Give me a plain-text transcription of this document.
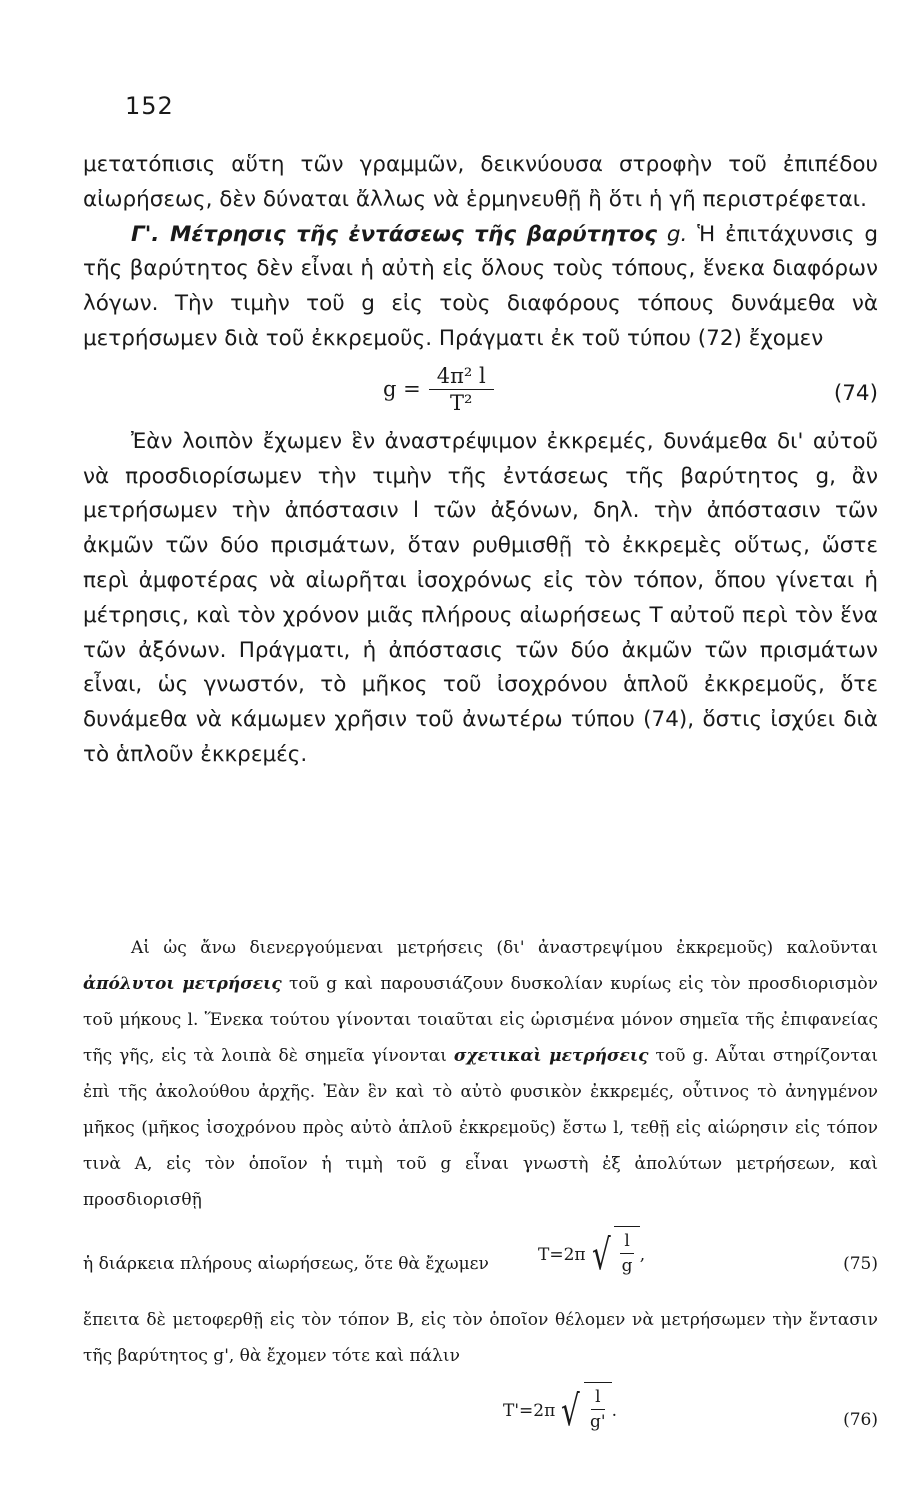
152

μετατόπισις αὕτη τῶν γραμμῶν, δεικνύουσα στροφὴν τοῦ ἐπιπέδου αἰωρήσεως, δὲν δύναται ἄλλως νὰ ἑρμηνευθῇ ἢ ὅτι ἡ γῆ περιστρέφεται.

Γ'. Μέτρησις τῆς ἐντάσεως τῆς βαρύτητος g. Ἡ ἐπιτάχυνσις g τῆς βαρύτητος δὲν εἶναι ἡ αὐτὴ εἰς ὅλους τοὺς τόπους, ἕνεκα διαφόρων λόγων. Τὴν τιμὴν τοῦ g εἰς τοὺς διαφόρους τόπους δυνάμεθα νὰ μετρήσωμεν διὰ τοῦ ἐκκρεμοῦς. Πράγματι ἐκ τοῦ τύπου (72) ἔχομεν

$g = \frac{\text{4π² l}}{\text{T²}}$	(74)

Ἐὰν λοιπὸν ἔχωμεν ἓν ἀναστρέψιμον ἐκκρεμές, δυνάμεθα δι' αὐτοῦ νὰ προσδιορίσωμεν τὴν τιμὴν τῆς ἐντάσεως τῆς βαρύτητος g, ἂν μετρήσωμεν τὴν ἀπόστασιν l τῶν ἀξόνων, δηλ. τὴν ἀπόστασιν τῶν ἀκμῶν τῶν δύο πρισμάτων, ὅταν ρυθμισθῇ τὸ ἐκκρεμὲς οὕτως, ὥστε περὶ ἀμφοτέρας νὰ αἰωρῆται ἰσοχρόνως εἰς τὸν τόπον, ὅπου γίνεται ἡ μέτρησις, καὶ τὸν χρόνον μιᾶς πλήρους αἰωρήσεως Τ αὐτοῦ περὶ τὸν ἕνα τῶν ἀξόνων. Πράγματι, ἡ ἀπόστασις τῶν δύο ἀκμῶν τῶν πρισμάτων εἶναι, ὡς γνωστόν, τὸ μῆκος τοῦ ἰσοχρόνου ἁπλοῦ ἐκκρεμοῦς, ὅτε δυνάμεθα νὰ κάμωμεν χρῆσιν τοῦ ἀνωτέρω τύπου (74), ὅστις ἰσχύει διὰ τὸ ἁπλοῦν ἐκκρεμές.

Αἱ ὡς ἄνω διενεργούμεναι μετρήσεις (δι' ἀναστρεψίμου ἐκκρεμοῦς) καλοῦνται ἀπόλυτοι μετρήσεις τοῦ g καὶ παρουσιάζουν δυσκολίαν κυρίως εἰς τὸν προσδιορισμὸν τοῦ μήκους l. Ἕνεκα τούτου γίνονται τοιαῦται εἰς ὡρισμένα μόνον σημεῖα τῆς ἐπιφανείας τῆς γῆς, εἰς τὰ λοιπὰ δὲ σημεῖα γίνονται σχετικαὶ μετρήσεις τοῦ g. Αὗται στηρίζονται ἐπὶ τῆς ἀκολούθου ἀρχῆς. Ἐὰν ἓν καὶ τὸ αὐτὸ φυσικὸν ἐκκρεμές, οὗτινος τὸ ἀνηγμένον μῆκος (μῆκος ἰσοχρόνου πρὸς αὐτὸ ἁπλοῦ ἐκκρεμοῦς) ἔστω l, τεθῇ εἰς αἰώρησιν εἰς τόπον τινὰ Α, εἰς τὸν ὁποῖον ἡ τιμὴ τοῦ g εἶναι γνωστὴ ἐξ ἀπολύτων μετρήσεων, καὶ προσδιορισθῇ

ἡ διάρκεια πλήρους αἰωρήσεως, ὅτε θὰ ἔχωμεν	T=2π √ $\frac{l}{g}$ ,	(75)

ἔπειτα δὲ μετοφερθῇ εἰς τὸν τόπον Β, εἰς τὸν ὁποῖον θέλομεν νὰ μετρήσωμεν τὴν ἔντασιν τῆς βαρύτητος g', θὰ ἔχομεν τότε καὶ πάλιν

T'=2π √ $\frac{l}{g'}$ .	(76)
